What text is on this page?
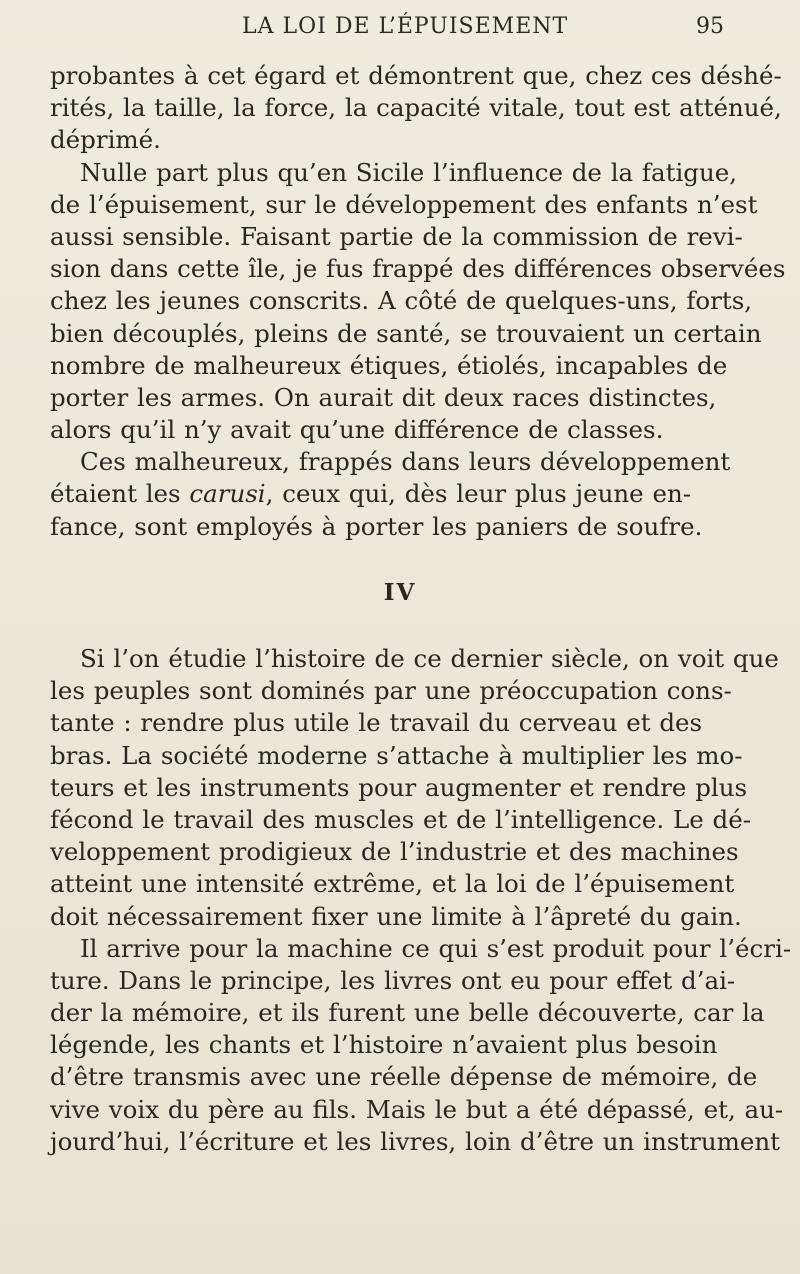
LA LOI DE L’ÉPUISEMENT	95
probantes à cet égard et démontrent que, chez ces déshé-
rités, la taille, la force, la capacité vitale, tout est atténué,
déprimé.
Nulle part plus qu’en Sicile l’influence de la fatigue,
de l’épuisement, sur le développement des enfants n’est
aussi sensible. Faisant partie de la commission de revi-
sion dans cette île, je fus frappé des différences observées
chez les jeunes conscrits. A côté de quelques-uns, forts,
bien découplés, pleins de santé, se trouvaient un certain
nombre de malheureux étiques, étiolés, incapables de
porter les armes. On aurait dit deux races distinctes,
alors qu’il n’y avait qu’une différence de classes.
Ces malheureux, frappés dans leurs développement
étaient les carusi, ceux qui, dès leur plus jeune en-
fance, sont employés à porter les paniers de soufre.
IV
Si l’on étudie l’histoire de ce dernier siècle, on voit que
les peuples sont dominés par une préoccupation cons-
tante : rendre plus utile le travail du cerveau et des
bras. La société moderne s’attache à multiplier les mo-
teurs et les instruments pour augmenter et rendre plus
fécond le travail des muscles et de l’intelligence. Le dé-
veloppement prodigieux de l’industrie et des machines
atteint une intensité extrême, et la loi de l’épuisement
doit nécessairement fixer une limite à l’âpreté du gain.
Il arrive pour la machine ce qui s’est produit pour l’écri-
ture. Dans le principe, les livres ont eu pour effet d’ai-
der la mémoire, et ils furent une belle découverte, car la
légende, les chants et l’histoire n’avaient plus besoin
d’être transmis avec une réelle dépense de mémoire, de
vive voix du père au fils. Mais le but a été dépassé, et, au-
jourd’hui, l’écriture et les livres, loin d’être un instrument
